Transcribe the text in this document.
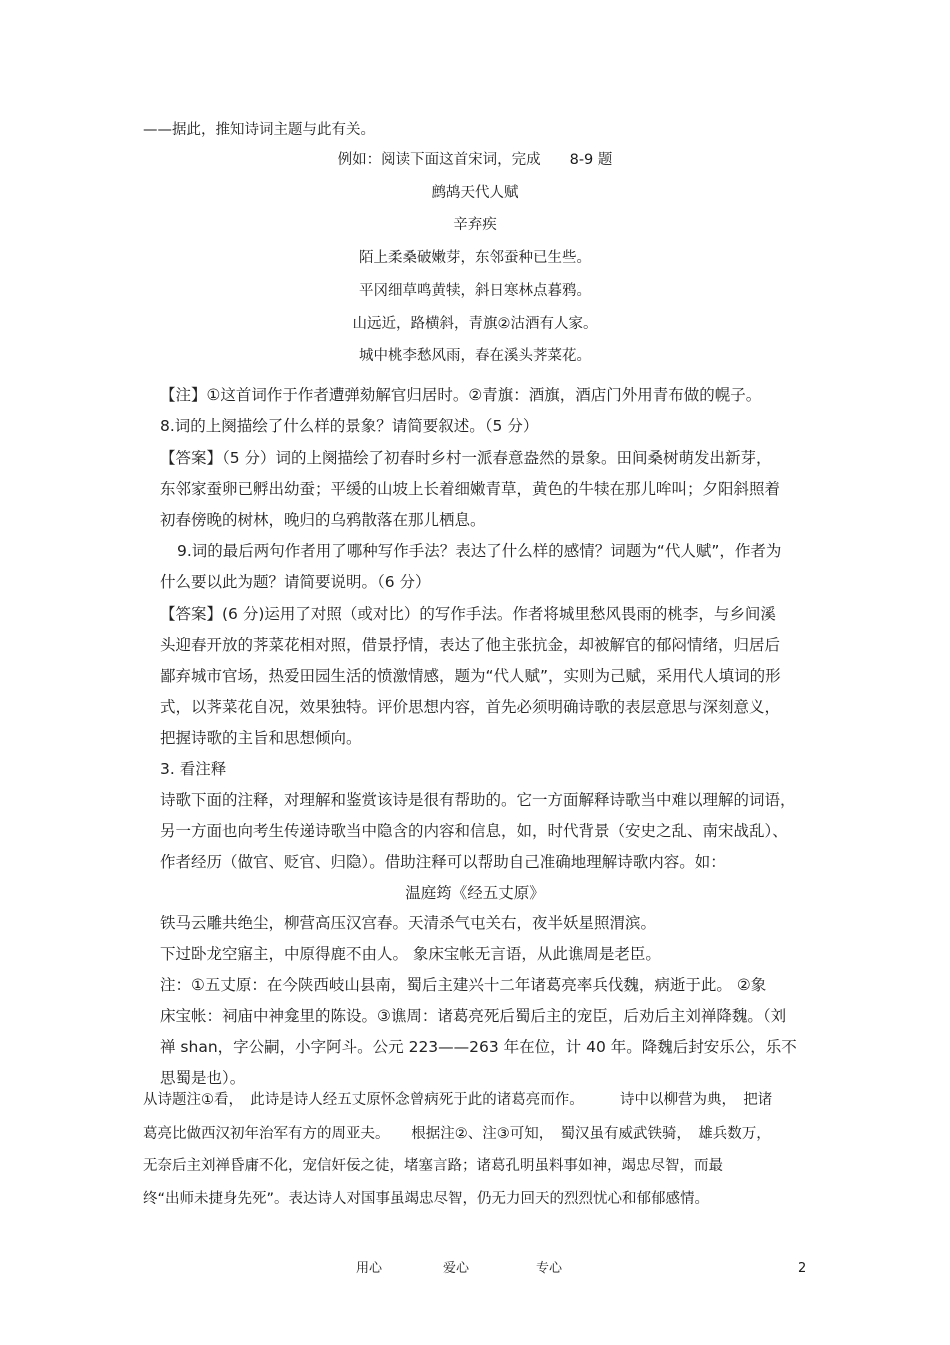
——据此，推知诗词主题与此有关。
例如：阅读下面这首宋词，完成　　8-9 题
鹧鸪天代人赋
辛弃疾
陌上柔桑破嫩芽，东邻蚕种已生些。
平冈细草鸣黄犊，斜日寒林点暮鸦。
山远近，路横斜，青旗②沽酒有人家。
城中桃李愁风雨，春在溪头荠菜花。
【注】①这首词作于作者遭弹劾解官归居时。②青旗：酒旗，酒店门外用青布做的幌子。
8.词的上阕描绘了什么样的景象？请简要叙述。（5 分）
【答案】（5 分）词的上阕描绘了初春时乡村一派春意盎然的景象。田间桑树萌发出新芽，
东邻家蚕卵已孵出幼蚕；平缓的山坡上长着细嫩青草，黄色的牛犊在那儿哞叫；夕阳斜照着
初春傍晚的树林，晚归的乌鸦散落在那儿栖息。
9.词的最后两句作者用了哪种写作手法？表达了什么样的感情？词题为“代人赋”，作者为
什么要以此为题？请简要说明。（6 分）
【答案】(6 分)运用了对照（或对比）的写作手法。作者将城里愁风畏雨的桃李，与乡间溪
头迎春开放的荠菜花相对照，借景抒情，表达了他主张抗金，却被解官的郁闷情绪，归居后
鄙弃城市官场，热爱田园生活的愤激情感，题为“代人赋”，实则为己赋，采用代人填词的形
式，以荠菜花自况，效果独特。评价思想内容，首先必须明确诗歌的表层意思与深刻意义，
把握诗歌的主旨和思想倾向。
3. 看注释
诗歌下面的注释，对理解和鉴赏该诗是很有帮助的。它一方面解释诗歌当中难以理解的词语，
另一方面也向考生传递诗歌当中隐含的内容和信息，如，时代背景（安史之乱、南宋战乱）、
作者经历（做官、贬官、归隐）。借助注释可以帮助自己准确地理解诗歌内容。如：
温庭筠《经五丈原》
铁马云雕共绝尘，柳营高压汉宫春。天清杀气屯关右，夜半妖星照渭滨。
下过卧龙空寤主，中原得鹿不由人。 象床宝帐无言语，从此谯周是老臣。
注：①五丈原：在今陕西岐山县南，蜀后主建兴十二年诸葛亮率兵伐魏，病逝于此。 ②象
床宝帐：祠庙中神龛里的陈设。③谯周：诸葛亮死后蜀后主的宠臣，后劝后主刘禅降魏。（刘
禅 shan，字公嗣，小字阿斗。公元 223——263 年在位，计 40 年。降魏后封安乐公，乐不
思蜀是也）。
从诗题注①看，　此诗是诗人经五丈原怀念曾病死于此的诸葛亮而作。　　　诗中以柳营为典，　把诸
葛亮比做西汉初年治军有方的周亚夫。　　根据注②、注③可知，　蜀汉虽有威武铁骑，　雄兵数万，
无奈后主刘禅昏庸不化，宠信奸佞之徒，堵塞言路；诸葛孔明虽料事如神，竭忠尽智，而最
终“出师未捷身先死”。表达诗人对国事虽竭忠尽智，仍无力回天的烈烈忧心和郁郁感情。
用心	爱心	专心	2
